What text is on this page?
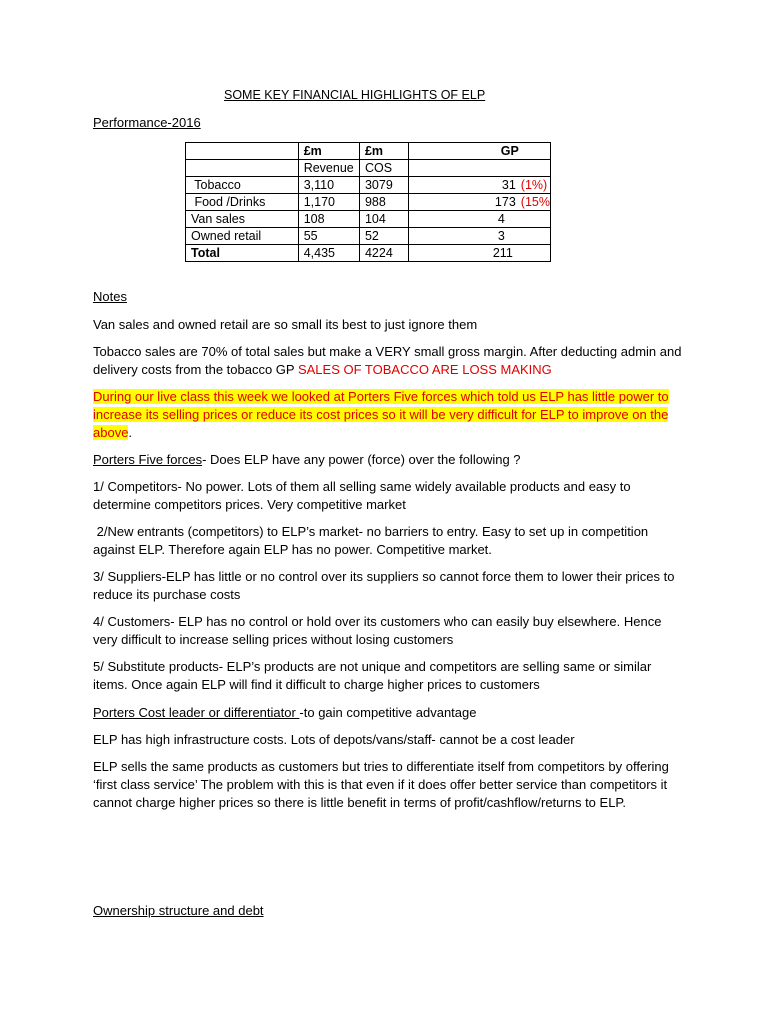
SOME KEY FINANCIAL HIGHLIGHTS OF ELP
Performance-2016
	£m	£m	GP
	Revenue	COS	
Tobacco	3,110	3079	31 (1%)

Food /Drinks	1,170	988	173 (15%

Van sales	108	104	4

Owned retail	55	52	3

Total	4,435	4224	211
Notes
Van sales and owned retail are so small its best to just ignore them
Tobacco sales are 70% of total sales but make a VERY small gross margin. After deducting admin and delivery costs from the tobacco GP SALES OF TOBACCO ARE LOSS MAKING
During our live class this week we looked at Porters Five forces which told us ELP has little power to increase its selling prices or reduce its cost prices so it will be very difficult for ELP to improve on the above.
Porters Five forces- Does ELP have any power (force) over the following ?
1/ Competitors- No power. Lots of them all selling same widely available products and easy to determine competitors prices. Very competitive market
2/New entrants (competitors) to ELP’s market- no barriers to entry. Easy to set up in competition against ELP. Therefore again ELP has no power. Competitive market.
3/ Suppliers-ELP has little or no control over its suppliers so cannot force them to lower their prices to reduce its purchase costs
4/ Customers- ELP has no control or hold over its customers who can easily buy elsewhere. Hence very difficult to increase selling prices without losing customers
5/ Substitute products- ELP’s products are not unique and competitors are selling same or similar items. Once again ELP will find it difficult to charge higher prices to customers
Porters Cost leader or differentiator -to gain competitive advantage
ELP has high infrastructure costs. Lots of depots/vans/staff- cannot be a cost leader
ELP sells the same products as customers but tries to differentiate itself from competitors by offering ‘first class service’ The problem with this is that even if it does offer better service than competitors it cannot charge higher prices so there is little benefit in terms of profit/cashflow/returns to ELP.
Ownership structure and debt
